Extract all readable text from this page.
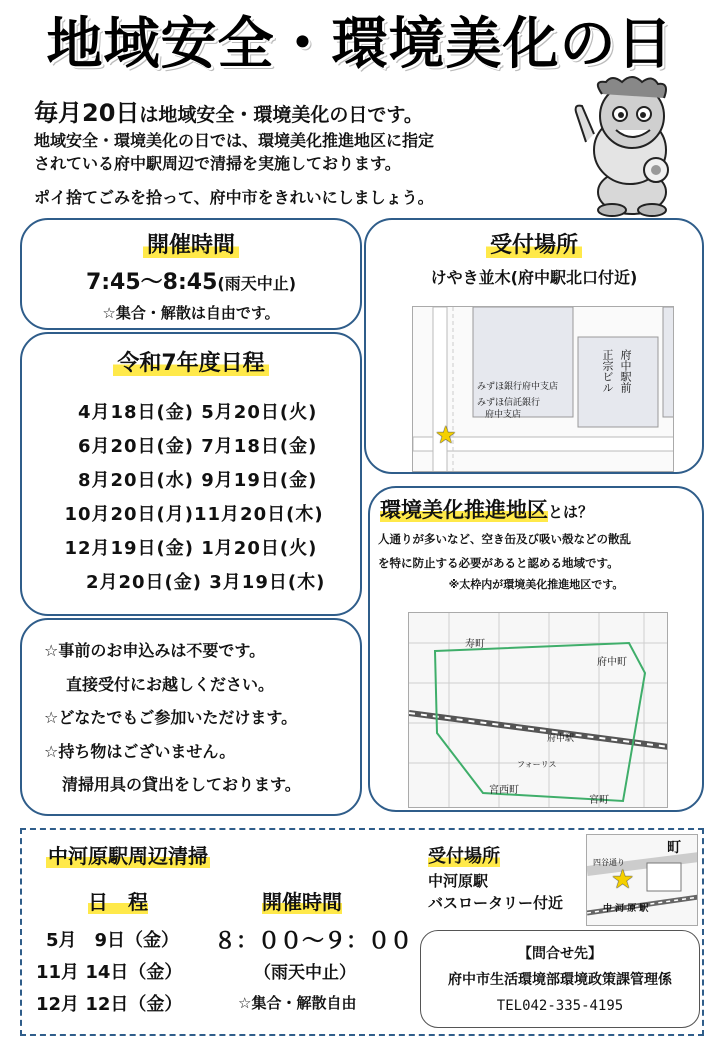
地域安全・環境美化の日
毎月20日は地域安全・環境美化の日です。
地域安全・環境美化の日では、環境美化推進地区に指定
されている府中駅周辺で清掃を実施しております。
ポイ捨てごみを拾って、府中市をきれいにしましょう。
開催時間
7:45～8:45(雨天中止)
☆集合・解散は自由です。
受付場所
けやき並木(府中駅北口付近)
みずほ銀行府中支店
みずほ信託銀行
府中支店
府中駅前
正宗ビル
★
令和7年度日程
4月18日(金) 5月20日(火)
6月20日(金) 7月18日(金)
8月20日(水) 9月19日(金)
10月20日(月)11月20日(木)
12月19日(金) 1月20日(火)
2月20日(金) 3月19日(木)
環境美化推進地区とは？
人通りが多いなど、空き缶及び吸い殻などの散乱
を特に防止する必要があると認める地域です。
※太枠内が環境美化推進地区です。
寿町
府中町
府中駅
宮西町
宮町
フォーリス
☆事前のお申込みは不要です。
直接受付にお越しください。
☆どなたでもご参加いただけます。
☆持ち物はございません。
清掃用具の貸出をしております。
中河原駅周辺清掃
日　程	開催時間
5月　9日（金）
11月 14日（金）
12月 12日（金）
８：００～９：００
（雨天中止）
☆集合・解散自由
受付場所
中河原駅
バスロータリー付近
町
四谷通り
中 河 原 駅
★
【問合せ先】
府中市生活環境部環境政策課管理係
TEL042-335-4195
